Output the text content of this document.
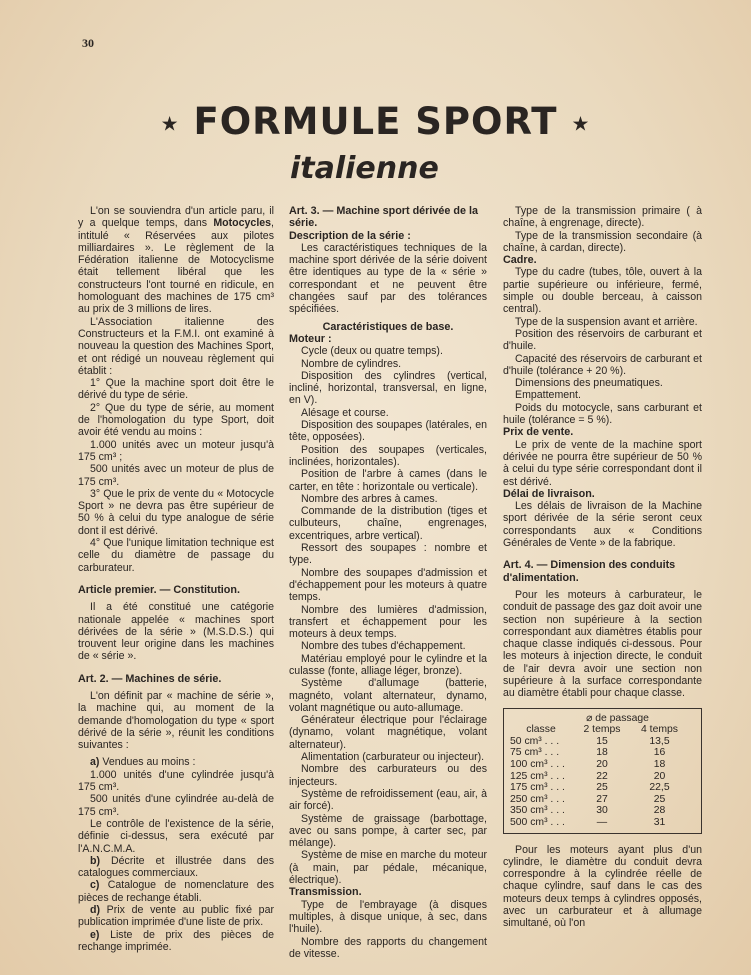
30
★ FORMULE SPORT ★
italienne

L'on se souviendra d'un article paru, il y a quelque temps, dans Motocycles, intitulé « Réservées aux pilotes milliardaires ». Le règlement de la Fédération italienne de Motocyclisme était tellement libéral que les constructeurs l'ont tourné en ridicule, en homologuant des machines de 175 cm³ au prix de 3 millions de lires.

L'Association italienne des Constructeurs et la F.M.I. ont examiné à nouveau la question des Machines Sport, et ont rédigé un nouveau règlement qui établit :

1° Que la machine sport doit être le dérivé du type de série.

2° Que du type de série, au moment de l'homologation du type Sport, doit avoir été vendu au moins :

1.000 unités avec un moteur jusqu'à 175 cm³ ;

500 unités avec un moteur de plus de 175 cm³.

3° Que le prix de vente du « Motocycle Sport » ne devra pas être supérieur de 50 % à celui du type analogue de série dont il est dérivé.

4° Que l'unique limitation technique est celle du diamètre de passage du carburateur.

Article premier. — Constitution.

Il a été constitué une catégorie nationale appelée « machines sport dérivées de la série » (M.S.D.S.) qui trouvent leur origine dans les machines de « série ».

Art. 2. — Machines de série.

L'on définit par « machine de série », la machine qui, au moment de la demande d'homologation du type « sport dérivé de la série », réunit les conditions suivantes :

a) Vendues au moins :

1.000 unités d'une cylindrée jusqu'à 175 cm³.

500 unités d'une cylindrée au-delà de 175 cm³.

Le contrôle de l'existence de la série, définie ci-dessus, sera exécuté par l'A.N.C.M.A.

b) Décrite et illustrée dans des catalogues commerciaux.

c) Catalogue de nomenclature des pièces de rechange établi.

d) Prix de vente au public fixé par publication imprimée d'une liste de prix.

e) Liste de prix des pièces de rechange imprimée.

Art. 3. — Machine sport dérivée de la série.
Description de la série :

Les caractéristiques techniques de la machine sport dérivée de la série doivent être identiques au type de la « série » correspondant et ne peuvent être changées sauf par des tolérances spécifiées.

Caractéristiques de base.
Moteur :

Cycle (deux ou quatre temps).

Nombre de cylindres.

Disposition des cylindres (vertical, incliné, horizontal, transversal, en ligne, en V).

Alésage et course.

Disposition des soupapes (latérales, en tête, opposées).

Position des soupapes (verticales, inclinées, horizontales).

Position de l'arbre à cames (dans le carter, en tête : horizontale ou verticale).

Nombre des arbres à cames.

Commande de la distribution (tiges et culbuteurs, chaîne, engrenages, excentriques, arbre vertical).

Ressort des soupapes : nombre et type.

Nombre des soupapes d'admission et d'échappement pour les moteurs à quatre temps.

Nombre des lumières d'admission, transfert et échappement pour les moteurs à deux temps.

Nombre des tubes d'échappement.

Matériau employé pour le cylindre et la culasse (fonte, alliage léger, bronze).

Système d'allumage (batterie, magnéto, volant alternateur, dynamo, volant magnétique ou auto-allumage.

Générateur électrique pour l'éclairage (dynamo, volant magnétique, volant alternateur).

Alimentation (carburateur ou injecteur).

Nombre des carburateurs ou des injecteurs.

Système de refroidissement (eau, air, à air forcé).

Système de graissage (barbottage, avec ou sans pompe, à carter sec, par mélange).

Système de mise en marche du moteur (à main, par pédale, mécanique, électrique).

Transmission.

Type de l'embrayage (à disques multiples, à disque unique, à sec, dans l'huile).

Nombre des rapports du changement de vitesse.

Type de la transmission primaire ( à chaîne, à engrenage, directe).

Type de la transmission secondaire (à chaîne, à cardan, directe).

Cadre.

Type du cadre (tubes, tôle, ouvert à la partie supérieure ou inférieure, fermé, simple ou double berceau, à caisson central).

Type de la suspension avant et arrière.

Position des réservoirs de carburant et d'huile.

Capacité des réservoirs de carburant et d'huile (tolérance + 20 %).

Dimensions des pneumatiques.

Empattement.

Poids du motocycle, sans carburant et huile (tolérance = 5 %).

Prix de vente.

Le prix de vente de la machine sport dérivée ne pourra être supérieur de 50 % à celui du type série correspondant dont il est dérivé.

Délai de livraison.

Les délais de livraison de la Machine sport dérivée de la série seront ceux correspondants aux « Conditions Générales de Vente » de la fabrique.

Art. 4. — Dimension des conduits d'alimentation.

Pour les moteurs à carburateur, le conduit de passage des gaz doit avoir une section non supérieure à la section correspondant aux diamètres établis pour chaque classe indiqués ci-dessous. Pour les moteurs à injection directe, le conduit de l'air devra avoir une section non supérieure à la surface correspondante au diamètre établi pour chaque classe.

⌀ de passage
classe	2 temps	4 temps
50 cm³ . . .	15	13,5
75 cm³ . . .	18	16
100 cm³ . . .	20	18
125 cm³ . . .	22	20
175 cm³ . . .	25	22,5
250 cm³ . . .	27	25
350 cm³ . . .	30	28
500 cm³ . . .	—	31

Pour les moteurs ayant plus d'un cylindre, le diamètre du conduit devra correspondre à la cylindrée réelle de chaque cylindre, sauf dans le cas des moteurs deux temps à cylindres opposés, avec un carburateur et à allumage simultané, où l'on
